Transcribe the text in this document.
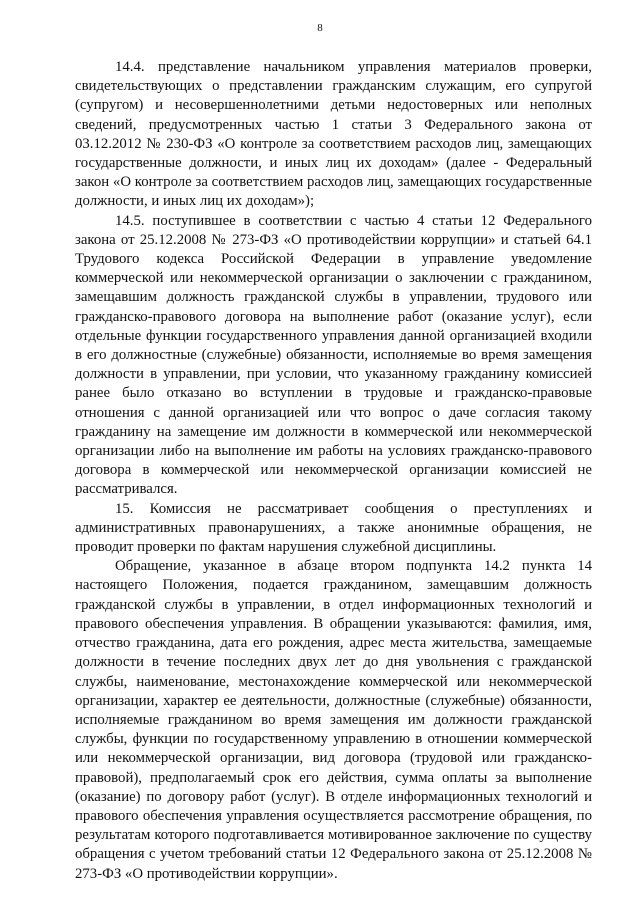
8

14.4. представление начальником управления материалов проверки, свидетельствующих о представлении гражданским служащим, его супругой (супругом) и несовершеннолетними детьми недостоверных или неполных сведений, предусмотренных частью 1 статьи 3 Федерального закона от 03.12.2012 № 230-ФЗ «О контроле за соответствием расходов лиц, замещающих государственные должности, и иных лиц их доходам» (далее - Федеральный закон «О контроле за соответствием расходов лиц, замещающих государственные должности, и иных лиц их доходам»);

14.5. поступившее в соответствии с частью 4 статьи 12 Федерального закона от 25.12.2008 № 273-ФЗ «О противодействии коррупции» и статьей 64.1 Трудового кодекса Российской Федерации в управление уведомление коммерческой или некоммерческой организации о заключении с гражданином, замещавшим должность гражданской службы в управлении, трудового или гражданско-правового договора на выполнение работ (оказание услуг), если отдельные функции государственного управления данной организацией входили в его должностные (служебные) обязанности, исполняемые во время замещения должности в управлении, при условии, что указанному гражданину комиссией ранее было отказано во вступлении в трудовые и гражданско-правовые отношения с данной организацией или что вопрос о даче согласия такому гражданину на замещение им должности в коммерческой или некоммерческой организации либо на выполнение им работы на условиях гражданско-правового договора в коммерческой или некоммерческой организации комиссией не рассматривался.

15. Комиссия не рассматривает сообщения о преступлениях и административных правонарушениях, а также анонимные обращения, не проводит проверки по фактам нарушения служебной дисциплины.

Обращение, указанное в абзаце втором подпункта 14.2 пункта 14 настоящего Положения, подается гражданином, замещавшим должность гражданской службы в управлении, в отдел информационных технологий и правового обеспечения управления. В обращении указываются: фамилия, имя, отчество гражданина, дата его рождения, адрес места жительства, замещаемые должности в течение последних двух лет до дня увольнения с гражданской службы, наименование, местонахождение коммерческой или некоммерческой организации, характер ее деятельности, должностные (служебные) обязанности, исполняемые гражданином во время замещения им должности гражданской службы, функции по государственному управлению в отношении коммерческой или некоммерческой организации, вид договора (трудовой или гражданско-правовой), предполагаемый срок его действия, сумма оплаты за выполнение (оказание) по договору работ (услуг). В отделе информационных технологий и правового обеспечения управления осуществляется рассмотрение обращения, по результатам которого подготавливается мотивированное заключение по существу обращения с учетом требований статьи 12 Федерального закона от 25.12.2008 № 273-ФЗ «О противодействии коррупции».
